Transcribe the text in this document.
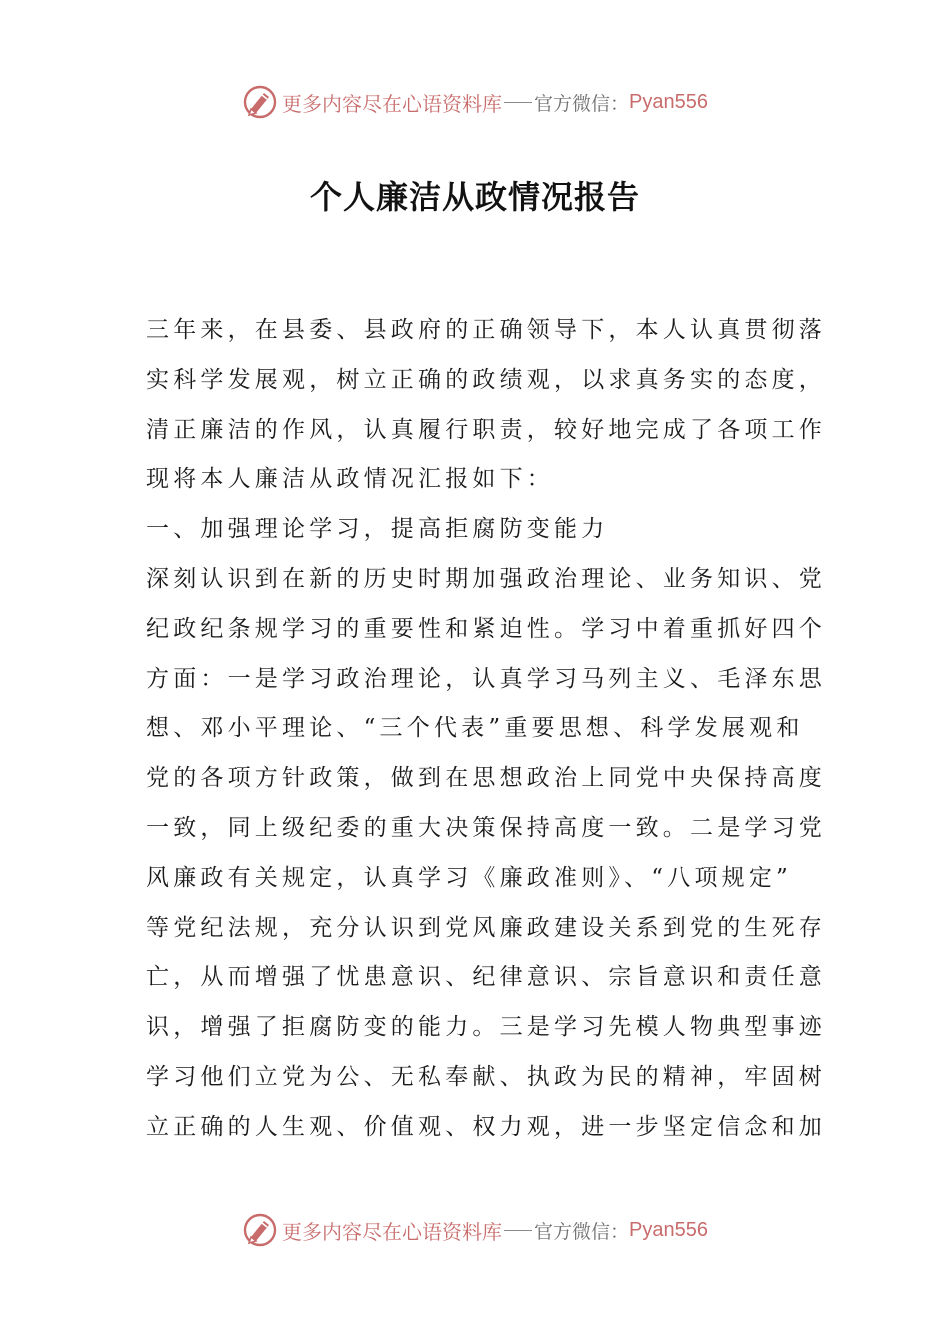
更多内容尽在心语资料库 官方微信： Pyan556
个人廉洁从政情况报告
三年来，在县委、县政府的正确领导下，本人认真贯彻落
实科学发展观，树立正确的政绩观，以求真务实的态度，
清正廉洁的作风，认真履行职责，较好地完成了各项工作
现将本人廉洁从政情况汇报如下：
一、加强理论学习，提高拒腐防变能力
深刻认识到在新的历史时期加强政治理论、业务知识、党
纪政纪条规学习的重要性和紧迫性。学习中着重抓好四个
方面：一是学习政治理论，认真学习马列主义、毛泽东思
想、邓小平理论、“三个代表”重要思想、科学发展观和
党的各项方针政策，做到在思想政治上同党中央保持高度
一致，同上级纪委的重大决策保持高度一致。二是学习党
风廉政有关规定，认真学习《廉政准则》、“八项规定”
等党纪法规，充分认识到党风廉政建设关系到党的生死存
亡，从而增强了忧患意识、纪律意识、宗旨意识和责任意
识，增强了拒腐防变的能力。三是学习先模人物典型事迹
学习他们立党为公、无私奉献、执政为民的精神，牢固树
立正确的人生观、价值观、权力观，进一步坚定信念和加
更多内容尽在心语资料库 官方微信： Pyan556
